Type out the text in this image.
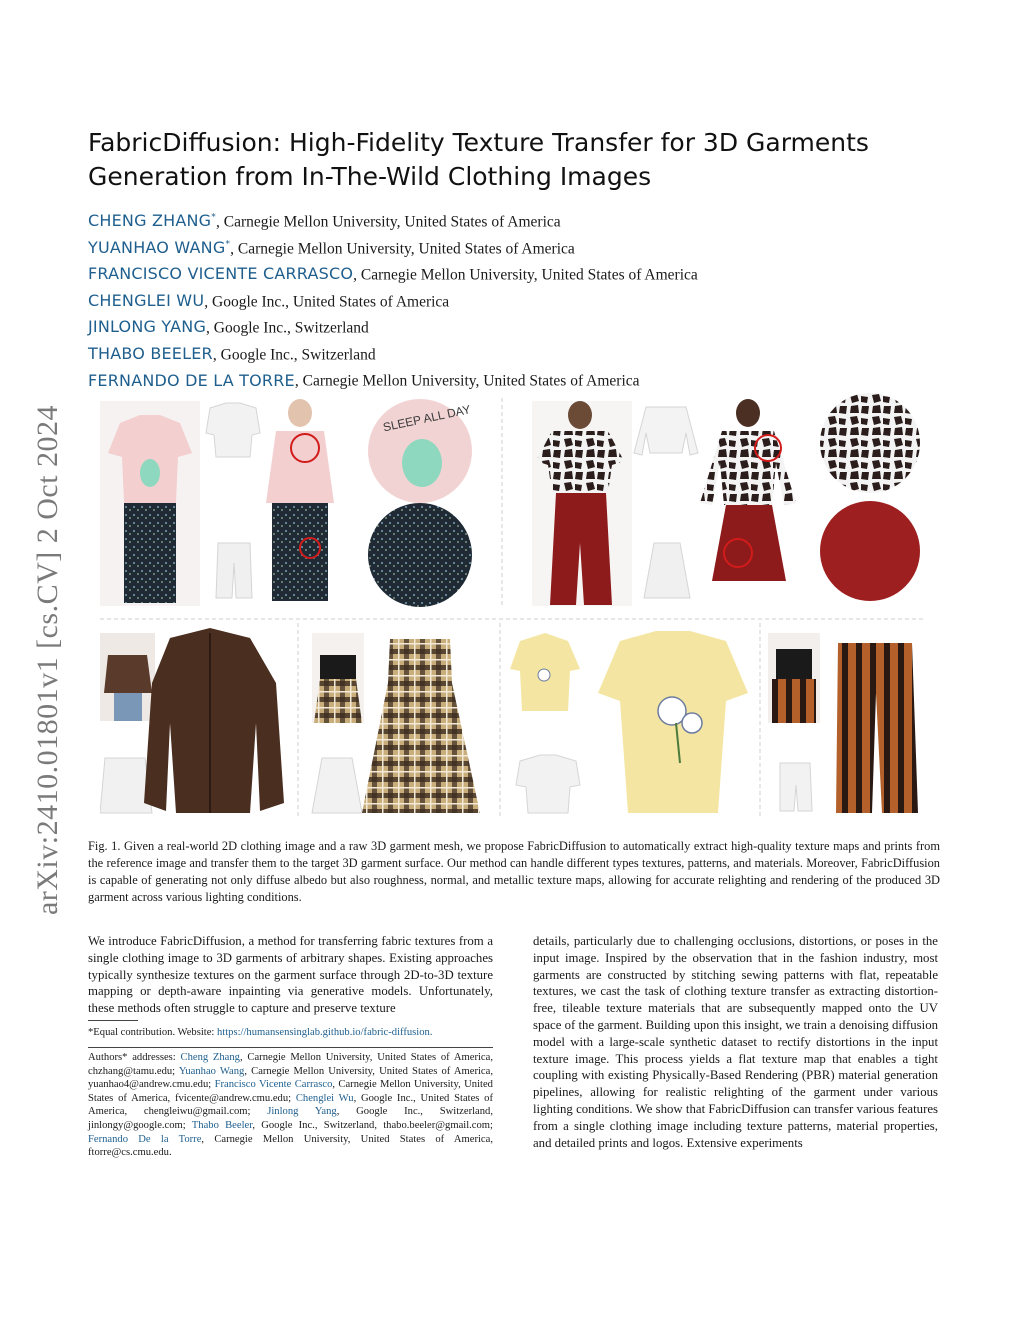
arXiv:2410.01801v1 [cs.CV] 2 Oct 2024
FabricDiffusion: High-Fidelity Texture Transfer for 3D Garments
Generation from In-The-Wild Clothing Images
CHENG ZHANG*, Carnegie Mellon University, United States of America
YUANHAO WANG*, Carnegie Mellon University, United States of America
FRANCISCO VICENTE CARRASCO, Carnegie Mellon University, United States of America
CHENGLEI WU, Google Inc., United States of America
JINLONG YANG, Google Inc., Switzerland
THABO BEELER, Google Inc., Switzerland
FERNANDO DE LA TORRE, Carnegie Mellon University, United States of America
SLEEP ALL DAY
Fig. 1. Given a real-world 2D clothing image and a raw 3D garment mesh, we propose FabricDiffusion to automatically extract high-quality texture maps and prints from the reference image and transfer them to the target 3D garment surface. Our method can handle different types textures, patterns, and materials. Moreover, FabricDiffusion is capable of generating not only diffuse albedo but also roughness, normal, and metallic texture maps, allowing for accurate relighting and rendering of the produced 3D garment across various lighting conditions.
We introduce FabricDiffusion, a method for transferring fabric textures from a single clothing image to 3D garments of arbitrary shapes. Existing approaches typically synthesize textures on the garment surface through 2D-to-3D texture mapping or depth-aware inpainting via generative models. Unfortunately, these methods often struggle to capture and preserve texture
details, particularly due to challenging occlusions, distortions, or poses in the input image. Inspired by the observation that in the fashion industry, most garments are constructed by stitching sewing patterns with flat, repeatable textures, we cast the task of clothing texture transfer as extracting distortion-free, tileable texture materials that are subsequently mapped onto the UV space of the garment. Building upon this insight, we train a denoising diffusion model with a large-scale synthetic dataset to rectify distortions in the input texture image. This process yields a flat texture map that enables a tight coupling with existing Physically-Based Rendering (PBR) material generation pipelines, allowing for realistic relighting of the garment under various lighting conditions. We show that FabricDiffusion can transfer various features from a single clothing image including texture patterns, material properties, and detailed prints and logos. Extensive experiments
*Equal contribution. Website: https://humansensinglab.github.io/fabric-diffusion.
Authors* addresses: Cheng Zhang, Carnegie Mellon University, United States of America, chzhang@tamu.edu; Yuanhao Wang, Carnegie Mellon University, United States of America, yuanhao4@andrew.cmu.edu; Francisco Vicente Carrasco, Carnegie Mellon University, United States of America, fvicente@andrew.cmu.edu; Chenglei Wu, Google Inc., United States of America, chengleiwu@gmail.com; Jinlong Yang, Google Inc., Switzerland, jinlongy@google.com; Thabo Beeler, Google Inc., Switzerland, thabo.beeler@gmail.com; Fernando De la Torre, Carnegie Mellon University, United States of America, ftorre@cs.cmu.edu.
